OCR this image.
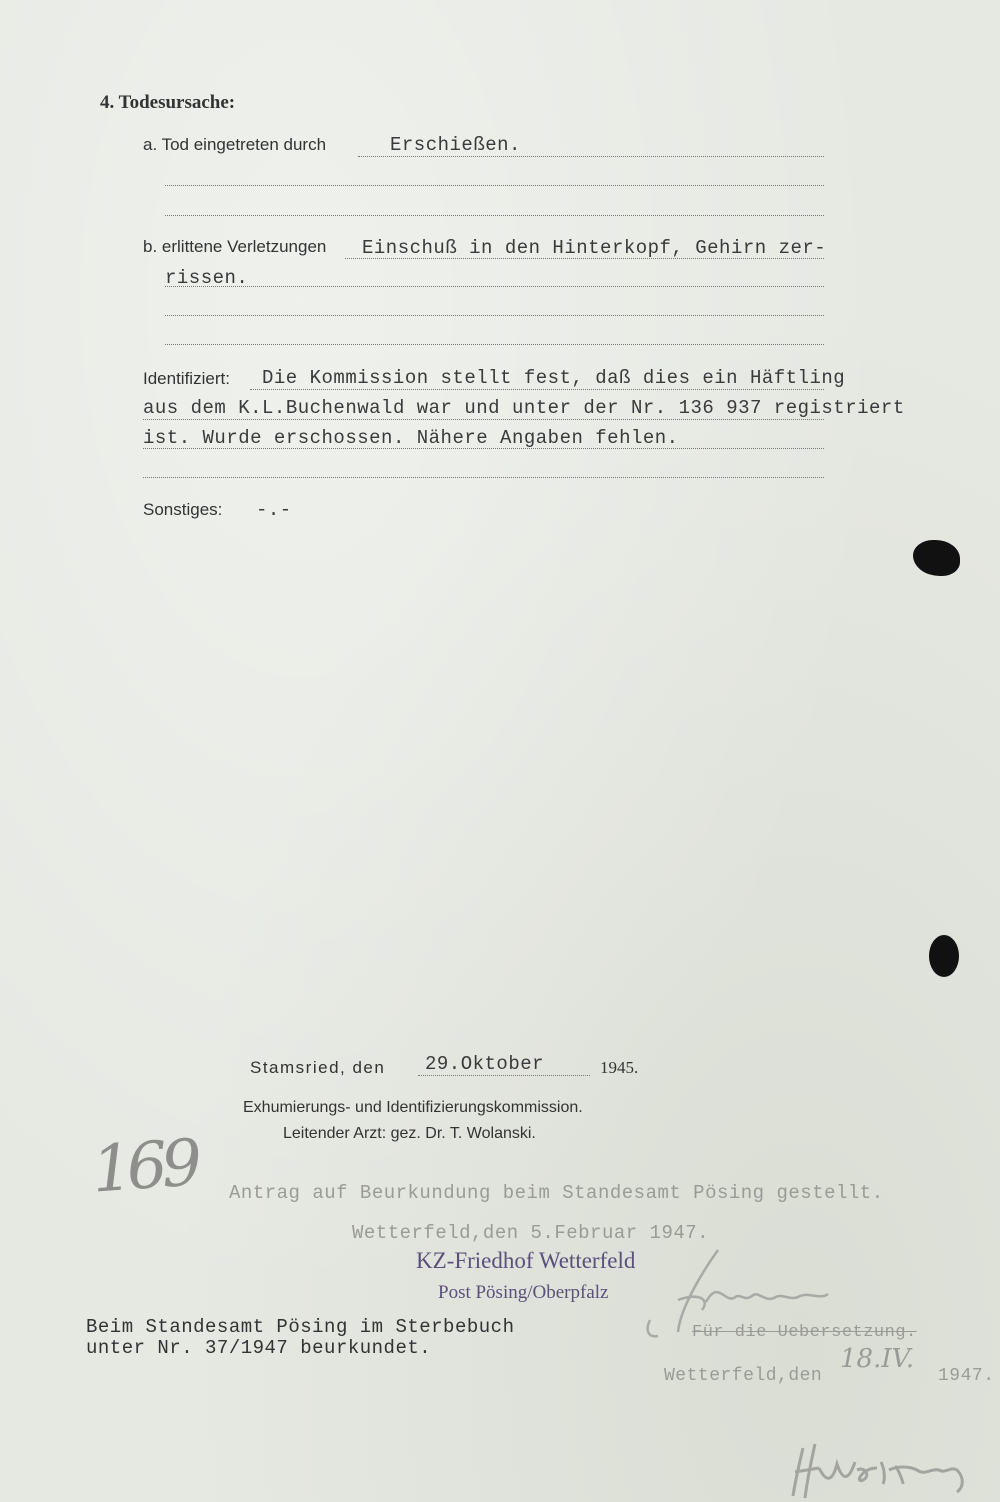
4. Todesursache:
a. Tod eingetreten durch	Erschießen.
b. erlittene Verletzungen Einschuß in den Hinterkopf, Gehirn zer-
rissen.
Identifiziert: Die Kommission stellt fest, daß dies ein Häftling
aus dem K.L.Buchenwald war und unter der Nr. 136 937 registriert
ist. Wurde erschossen. Nähere Angaben fehlen.
Sonstiges: -.-
Stamsried, den 29.Oktober	1945.
Exhumierungs- und Identifizierungskommission.
Leitender Arzt: gez. Dr. T. Wolanski.
169 Antrag auf Beurkundung beim Standesamt Pösing gestellt.
Wetterfeld,den 5.Februar 1947.
KZ-Friedhof Wetterfeld
Post Pösing/Oberpfalz
Beim Standesamt Pösing im Sterbebuch
unter Nr. 37/1947 beurkundet.
Für die Uebersetzung.
Wetterfeld,den
18.IV.
1947.
